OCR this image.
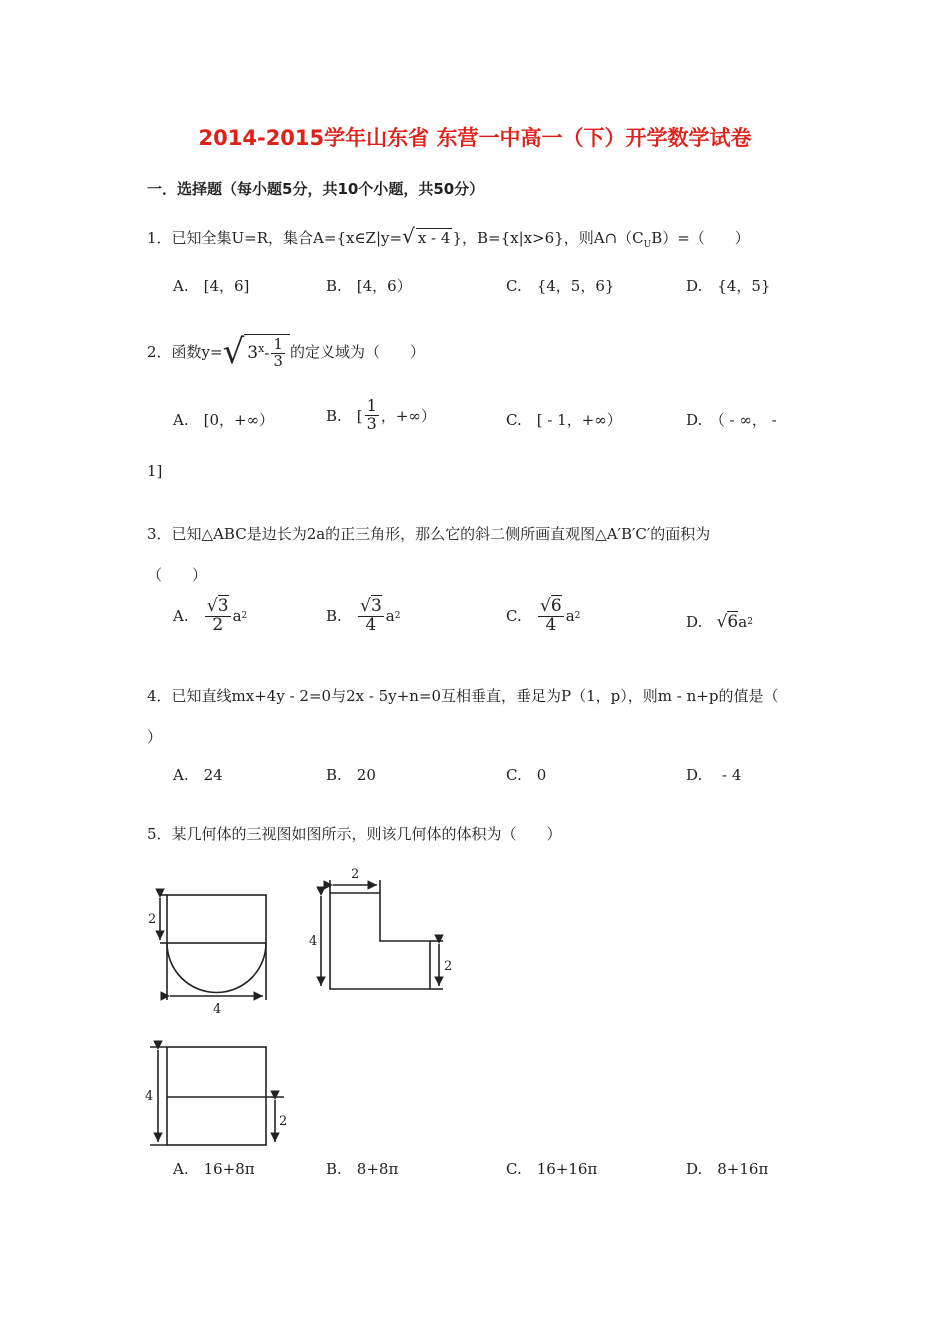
2014-2015学年山东省 东营一中高一（下）开学数学试卷
一．选择题（每小题5分，共10个小题，共50分）
1．已知全集U=R，集合A={x∈Z|y=√ x - 4 }，B={x|x>6}，则$A\cap(C_UB)=$（　　）
A.　[4，6]	B.　[4，6）	C.　{4，5，6}	D.　{4，5}
2．函数y= √ 3 x - $\frac{1}{3}$ 的定义域为（　　）
A.　[0，+∞）	B.　[ $\frac{1}{3}$ ，+∞）	C.　[ - 1，+∞）	D.　（ - ∞， -
1]
3．已知△ABC是边长为2a的正三角形，那么它的斜二侧所画直观图△A′B′C′的面积为
（　　）
A.
$\frac{√3}{2}$ a 2	B.
$\frac{√3}{4}$ a 2	C.
$\frac{√6}{4}$ a 2	D.
√ 6 a 2
4．已知直线mx+4y - 2=0与2x - 5y+n=0互相垂直，垂足为P（1，p），则m - n+p的值是（
）
A.　24	B.　20	C.　0	D.　 - 4
5．某几何体的三视图如图所示，则该几何体的体积为（　　）
2
4
2
4
2
4
2
A.　16+8π	B.　8+8π	C.　16+16π	D.　8+16π
